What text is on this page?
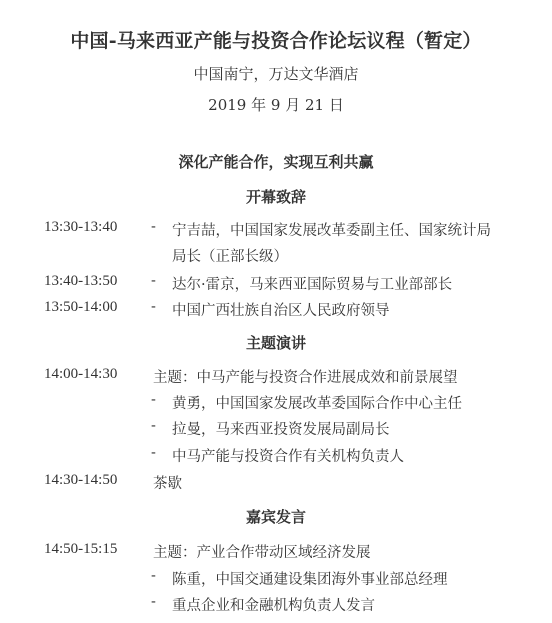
中国-马来西亚产能与投资合作论坛议程（暂定）
中国南宁，万达文华酒店
2019 年 9 月 21 日
深化产能合作，实现互利共赢
开幕致辞
13:30-13:40 - 宁吉喆，中国国家发展改革委副主任、国家统计局
局长（正部长级）
13:40-13:50 - 达尔·雷京，马来西亚国际贸易与工业部部长
13:50-14:00 - 中国广西壮族自治区人民政府领导
主题演讲
14:00-14:30 主题：中马产能与投资合作进展成效和前景展望
- 黄勇，中国国家发展改革委国际合作中心主任
- 拉曼，马来西亚投资发展局副局长
- 中马产能与投资合作有关机构负责人
14:30-14:50 茶歇
嘉宾发言
14:50-15:15 主题：产业合作带动区域经济发展
- 陈重，中国交通建设集团海外事业部总经理
- 重点企业和金融机构负责人发言
